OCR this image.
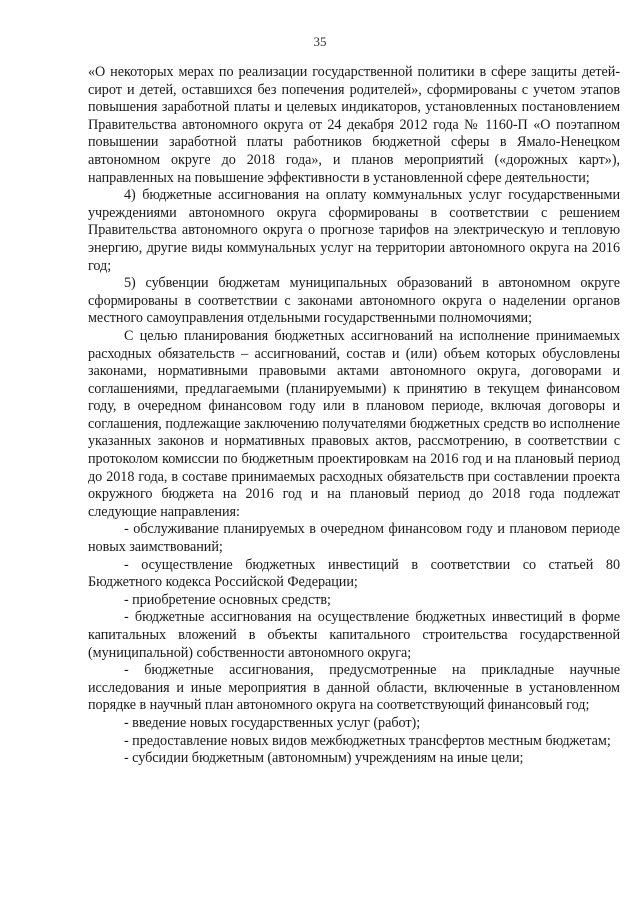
35

«О некоторых мерах по реализации государственной политики в сфере защиты детей-сирот и детей, оставшихся без попечения родителей», сформированы с учетом этапов повышения заработной платы и целевых индикаторов, установленных постановлением Правительства автономного округа от 24 декабря 2012 года № 1160-П «О поэтапном повышении заработной платы работников бюджетной сферы в Ямало-Ненецком автономном округе до 2018 года», и планов мероприятий («дорожных карт»), направленных на повышение эффективности в установленной сфере деятельности;

4) бюджетные ассигнования на оплату коммунальных услуг государственными учреждениями автономного округа сформированы в соответствии с решением Правительства автономного округа о прогнозе тарифов на электрическую и тепловую энергию, другие виды коммунальных услуг на территории автономного округа на 2016 год;

5) субвенции бюджетам муниципальных образований в автономном округе сформированы в соответствии с законами автономного округа о наделении органов местного самоуправления отдельными государственными полномочиями;

С целью планирования бюджетных ассигнований на исполнение принимаемых расходных обязательств – ассигнований, состав и (или) объем которых обусловлены законами, нормативными правовыми актами автономного округа, договорами и соглашениями, предлагаемыми (планируемыми) к принятию в текущем финансовом году, в очередном финансовом году или в плановом периоде, включая договоры и соглашения, подлежащие заключению получателями бюджетных средств во исполнение указанных законов и нормативных правовых актов, рассмотрению, в соответствии с протоколом комиссии по бюджетным проектировкам на 2016 год и на плановый период до 2018 года, в составе принимаемых расходных обязательств при составлении проекта окружного бюджета на 2016 год и на плановый период до 2018 года подлежат следующие направления:

- обслуживание планируемых в очередном финансовом году и плановом периоде новых заимствований;

- осуществление бюджетных инвестиций в соответствии со статьей 80 Бюджетного кодекса Российской Федерации;

- приобретение основных средств;

- бюджетные ассигнования на осуществление бюджетных инвестиций в форме капитальных вложений в объекты капитального строительства государственной (муниципальной) собственности автономного округа;

- бюджетные ассигнования, предусмотренные на прикладные научные исследования и иные мероприятия в данной области, включенные в установленном порядке в научный план автономного округа на соответствующий финансовый год;

- введение новых государственных услуг (работ);

- предоставление новых видов межбюджетных трансфертов местным бюджетам;

- субсидии бюджетным (автономным) учреждениям на иные цели;
